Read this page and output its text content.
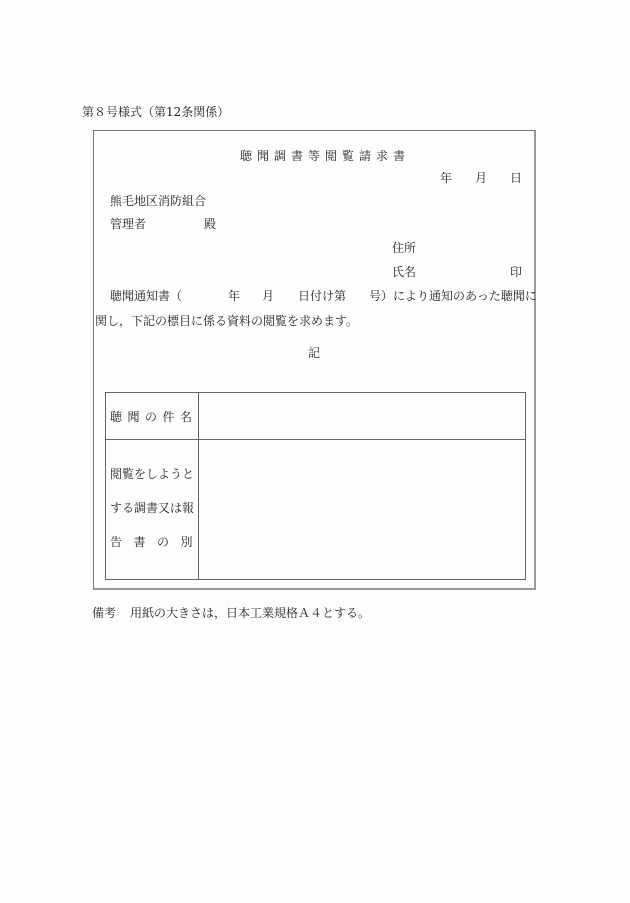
第８号様式（第12条関係）
聴聞調書等閲覧請求書
年 月 日
熊毛地区消防組合
管理者	殿
住所
氏名	印
聴聞通知書（	年 月 日付け第 号）により通知のあった聴聞に
関し，下記の標目に係る資料の閲覧を求めます。
記
聴聞の件名
閲覧をしようと
する調書又は報
告書の別
備考 用紙の大きさは，日本工業規格Ａ４とする。
